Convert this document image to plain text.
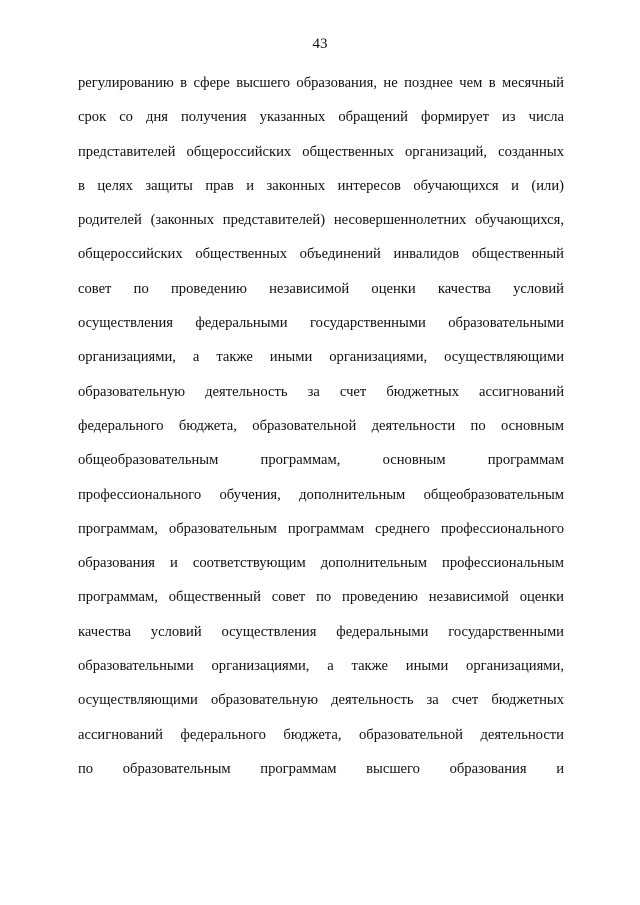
43
регулированию в сфере высшего образования, не позднее чем в месячный
срок со дня получения указанных обращений формирует из числа
представителей общероссийских общественных организаций, созданных
в целях защиты прав и законных интересов обучающихся и (или)
родителей (законных представителей) несовершеннолетних обучающихся,
общероссийских общественных объединений инвалидов общественный
совет по проведению независимой оценки качества условий
осуществления федеральными государственными образовательными
организациями, а также иными организациями, осуществляющими
образовательную деятельность за счет бюджетных ассигнований
федерального бюджета, образовательной деятельности по основным
общеобразовательным программам, основным программам
профессионального обучения, дополнительным общеобразовательным
программам, образовательным программам среднего профессионального
образования и соответствующим дополнительным профессиональным
программам, общественный совет по проведению независимой оценки
качества условий осуществления федеральными государственными
образовательными организациями, а также иными организациями,
осуществляющими образовательную деятельность за счет бюджетных
ассигнований федерального бюджета, образовательной деятельности
по образовательным программам высшего образования и
